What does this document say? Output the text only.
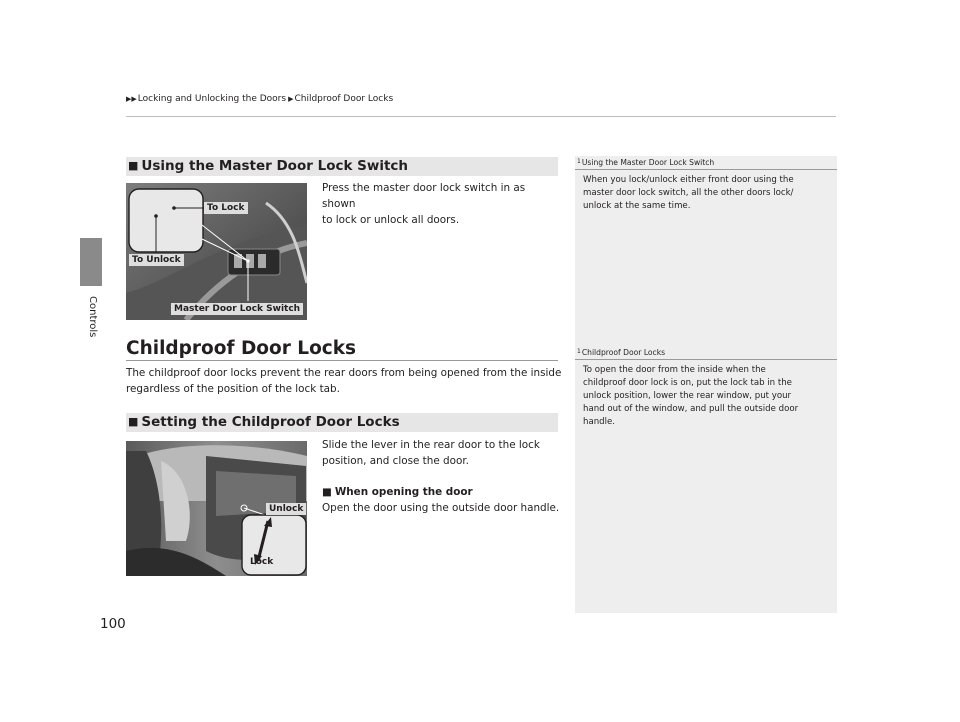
Controls
▶▶Locking and Unlocking the Doors ▶Childproof Door Locks
■ Using the Master Door Lock Switch
To Lock
To Unlock
Master Door Lock Switch
Press the master door lock switch in as shown
to lock or unlock all doors.
Childproof Door Locks
The childproof door locks prevent the rear doors from being opened from the inside
regardless of the position of the lock tab.
■ Setting the Childproof Door Locks
Unlock
Lock
Slide the lever in the rear door to the lock
position, and close the door.
■ When opening the door
Open the door using the outside door handle.
$^1$Using the Master Door Lock Switch
When you lock/unlock either front door using the
master door lock switch, all the other doors lock/
unlock at the same time.
$^1$Childproof Door Locks
To open the door from the inside when the
childproof door lock is on, put the lock tab in the
unlock position, lower the rear window, put your
hand out of the window, and pull the outside door
handle.
100
